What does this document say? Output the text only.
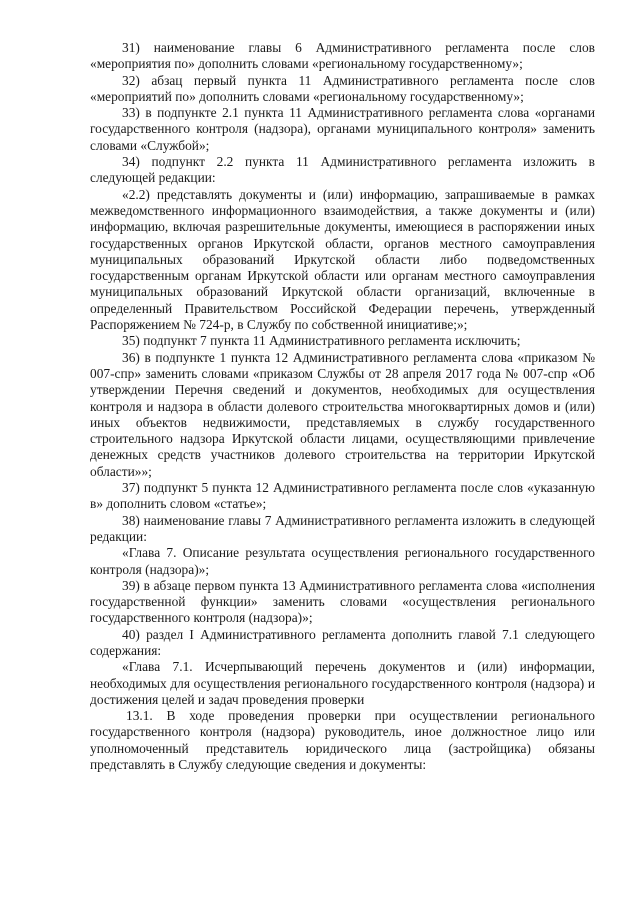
31) наименование главы 6 Административного регламента после слов «мероприятия по» дополнить словами «региональному государственному»;

32) абзац первый пункта 11 Административного регламента после слов «мероприятий по» дополнить словами «региональному государственному»;

33) в подпункте 2.1 пункта 11 Административного регламента слова «органами государственного контроля (надзора), органами муниципального контроля» заменить словами «Службой»;

34) подпункт 2.2 пункта 11 Административного регламента изложить в следующей редакции:

«2.2) представлять документы и (или) информацию, запрашиваемые в рамках межведомственного информационного взаимодействия, а также документы и (или) информацию, включая разрешительные документы, имеющиеся в распоряжении иных государственных органов Иркутской области, органов местного самоуправления муниципальных образований Иркутской области либо подведомственных государственным органам Иркутской области или органам местного самоуправления муниципальных образований Иркутской области организаций, включенные в определенный Правительством Российской Федерации перечень, утвержденный Распоряжением № 724-р, в Службу по собственной инициативе;»;

35) подпункт 7 пункта 11 Административного регламента исключить;

36) в подпункте 1 пункта 12 Административного регламента слова «приказом № 007-спр» заменить словами «приказом Службы от 28 апреля 2017 года № 007-спр «Об утверждении Перечня сведений и документов, необходимых для осуществления контроля и надзора в области долевого строительства многоквартирных домов и (или) иных объектов недвижимости, представляемых в службу государственного строительного надзора Иркутской области лицами, осуществляющими привлечение денежных средств участников долевого строительства на территории Иркутской области»»;

37) подпункт 5 пункта 12 Административного регламента после слов «указанную в» дополнить словом «статье»;

38) наименование главы 7 Административного регламента изложить в следующей редакции:

«Глава 7. Описание результата осуществления регионального государственного контроля (надзора)»;

39) в абзаце первом пункта 13 Административного регламента слова «исполнения государственной функции» заменить словами «осуществления регионального государственного контроля (надзора)»;

40) раздел I Административного регламента дополнить главой 7.1 следующего содержания:

«Глава 7.1. Исчерпывающий перечень документов и (или) информации, необходимых для осуществления регионального государственного контроля (надзора) и достижения целей и задач проведения проверки

13.1. В ходе проведения проверки при осуществлении регионального государственного контроля (надзора) руководитель, иное должностное лицо или уполномоченный представитель юридического лица (застройщика) обязаны представлять в Службу следующие сведения и документы:
